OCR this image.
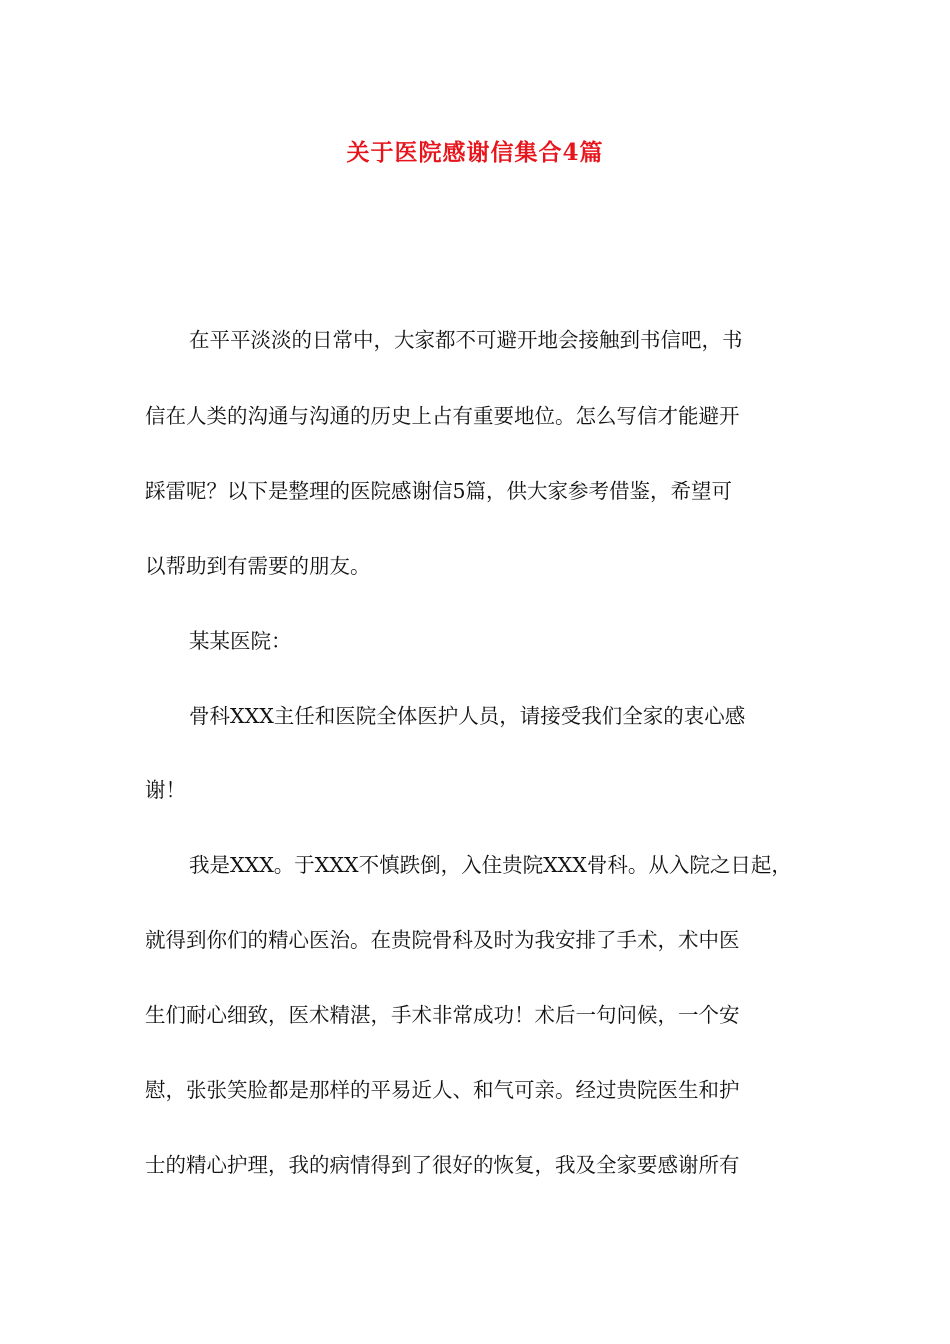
关于医院感谢信集合4篇
在平平淡淡的日常中，大家都不可避开地会接触到书信吧，书
信在人类的沟通与沟通的历史上占有重要地位。怎么写信才能避开
踩雷呢？以下是整理的医院感谢信5篇，供大家参考借鉴，希望可
以帮助到有需要的朋友。
某某医院：
骨科XXX主任和医院全体医护人员，请接受我们全家的衷心感
谢！
我是XXX。于XXX不慎跌倒，入住贵院XXX骨科。从入院之日起，
就得到你们的精心医治。在贵院骨科及时为我安排了手术，术中医
生们耐心细致，医术精湛，手术非常成功！术后一句问候，一个安
慰，张张笑脸都是那样的平易近人、和气可亲。经过贵院医生和护
士的精心护理，我的病情得到了很好的恢复，我及全家要感谢所有
